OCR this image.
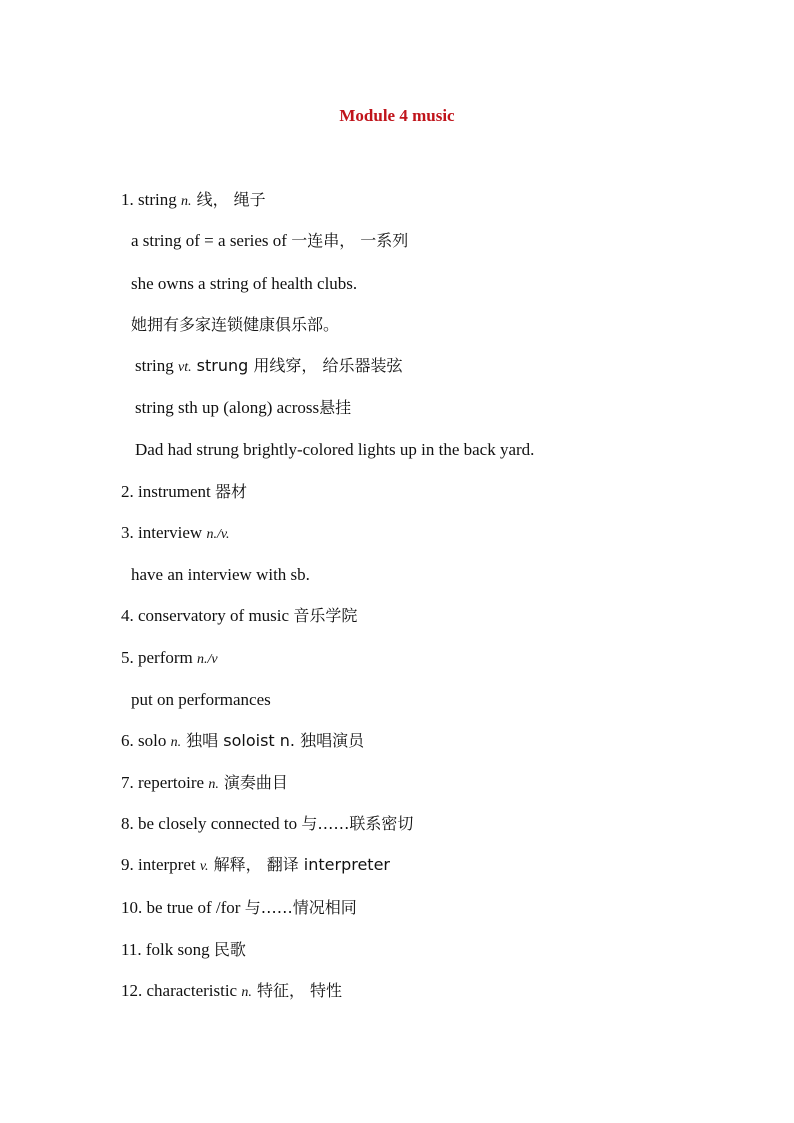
Module 4 music
1. string n. 线， 绳子
a string of = a series of 一连串， 一系列
she owns a string of health clubs.
她拥有多家连锁健康俱乐部。
string vt. strung 用线穿， 给乐器装弦
string sth up (along) across悬挂
Dad had strung brightly-colored lights up in the back yard.
2. instrument 器材
3. interview n./v.
have an interview with sb.
4. conservatory of music 音乐学院
5. perform n./v
put on performances
6. solo n. 独唱 soloist n. 独唱演员
7. repertoire n. 演奏曲目
8. be closely connected to 与……联系密切
9. interpret v. 解释， 翻译 interpreter
10. be true of /for 与……情况相同
11. folk song 民歌
12. characteristic n. 特征， 特性
